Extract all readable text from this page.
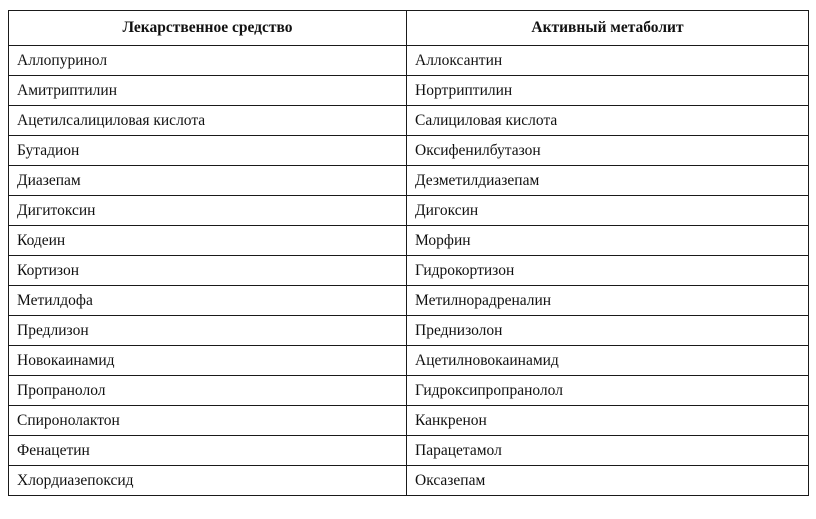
Лекарственное средство	Активный метаболит
Аллопуринол	Аллоксантин
Амитриптилин	Нортриптилин
Ацетилсалициловая кислота	Салициловая кислота
Бутадион	Оксифенилбутазон
Диазепам	Дезметилдиазепам
Дигитоксин	Дигоксин
Кодеин	Морфин
Кортизон	Гидрокортизон
Метилдофа	Метилнорадреналин
Предлизон	Преднизолон
Новокаинамид	Ацетилновокаинамид
Пропранолол	Гидроксипропранолол
Спиронолактон	Канкренон
Фенацетин	Парацетамол
Хлордиазепоксид	Оксазепам
